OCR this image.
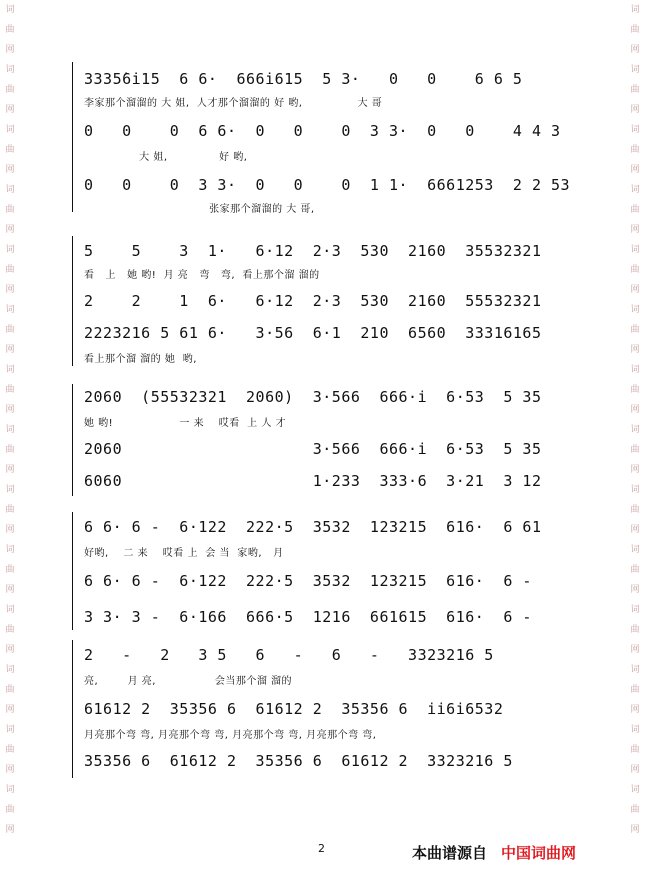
词曲网
词曲网
词曲网
词曲网
词曲网
词曲网
词曲网
词曲网
词曲网
词曲网
词曲网
词曲网
词曲网
词曲网
词曲网
词曲网
词曲网
词曲网
词曲网
词曲网
词曲网
词曲网
词曲网
词曲网
词曲网
词曲网
词曲网
词曲网
3335̇6i̇15  6 6·  666i̇615  5 3·   0   0    6 6 5
李家那个溜溜的 大 姐,  人才那个溜溜的 好 哟,               大 哥
0   0    0  6 6·  0   0    0  3 3·  0   0    4 4 3
大 姐,              好 哟,
0   0    0  3 3·  0   0    0  1 1·  6661253  2 2 53
张家那个溜溜的 大 哥,
5    5    3  1·   6·12  2·3  530  2160  35532321
看   上   她 哟!  月 亮   弯   弯,  看上那个溜 溜的
2    2    1  6·   6·12  2·3  530  2160  55532321
2223216 5 61 6·   3·56  6·1  210  6560  33316165
看上那个溜 溜的 她  哟,
2060  (55532321  2060)  3·566  666·i  6·53  5 35
她 哟!                  一 来    哎看  上 人 才
2060                    3·566  666·i  6·53  5 35
6060                    1·233  333·6  3·21  3 12
6 6· 6 -  6·122  222·5  3532  123215  616·  6 61
好哟,    二 来    哎看 上  会 当  家哟,   月
6 6· 6 -  6·122  222·5  3532  123215  616·  6 -
3 3· 3 -  6·166  666·5  1216  661615  616·  6 -
2   -   2   3 5   6   -   6   -   3323216 5
亮,        月 亮,                会当那个溜 溜的
61612 2  35356 6  61612 2  35356 6  ii6i6532
月亮那个弯 弯, 月亮那个弯 弯, 月亮那个弯 弯, 月亮那个弯 弯,
35356 6  61612 2  35356 6  61612 2  3323216 5
2	本曲谱源自 中国词曲网
